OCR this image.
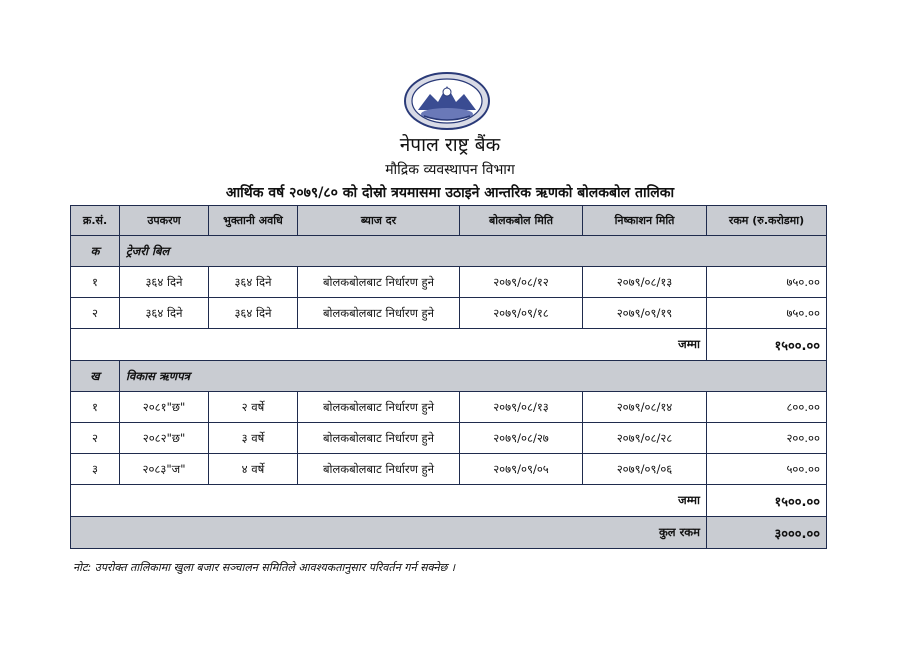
नेपाल राष्ट्र बैंक
मौद्रिक व्यवस्थापन विभाग
आर्थिक वर्ष २०७९/८० को दोस्रो त्रयमासमा उठाइने आन्तरिक ऋणको बोलकबोल तालिका
क्र.सं.	उपकरण	भुक्तानी अवधि	ब्याज दर	बोलकबोल मिति	निष्काशन मिति	रकम (रु.करोडमा)
क	ट्रेजरी बिल					
१	३६४ दिने	३६४ दिने	बोलकबोलबाट निर्धारण हुने	२०७९/०८/१२	२०७९/०८/१३	७५०.००
२	३६४ दिने	३६४ दिने	बोलकबोलबाट निर्धारण हुने	२०७९/०९/१८	२०७९/०९/१९	७५०.००
जम्मा						१५००.००
ख	विकास ऋणपत्र					
१	२०८१"छ"	२ वर्षे	बोलकबोलबाट निर्धारण हुने	२०७९/०८/१३	२०७९/०८/१४	८००.००
२	२०८२"छ"	३ वर्षे	बोलकबोलबाट निर्धारण हुने	२०७९/०८/२७	२०७९/०८/२८	२००.००
३	२०८३"ज"	४ वर्षे	बोलकबोलबाट निर्धारण हुने	२०७९/०९/०५	२०७९/०९/०६	५००.००
जम्मा						१५००.००
कुल रकम						३०००.००
नोट: उपरोक्त तालिकामा खुला बजार सञ्चालन समितिले आवश्यकतानुसार परिवर्तन गर्न सक्नेछ ।
